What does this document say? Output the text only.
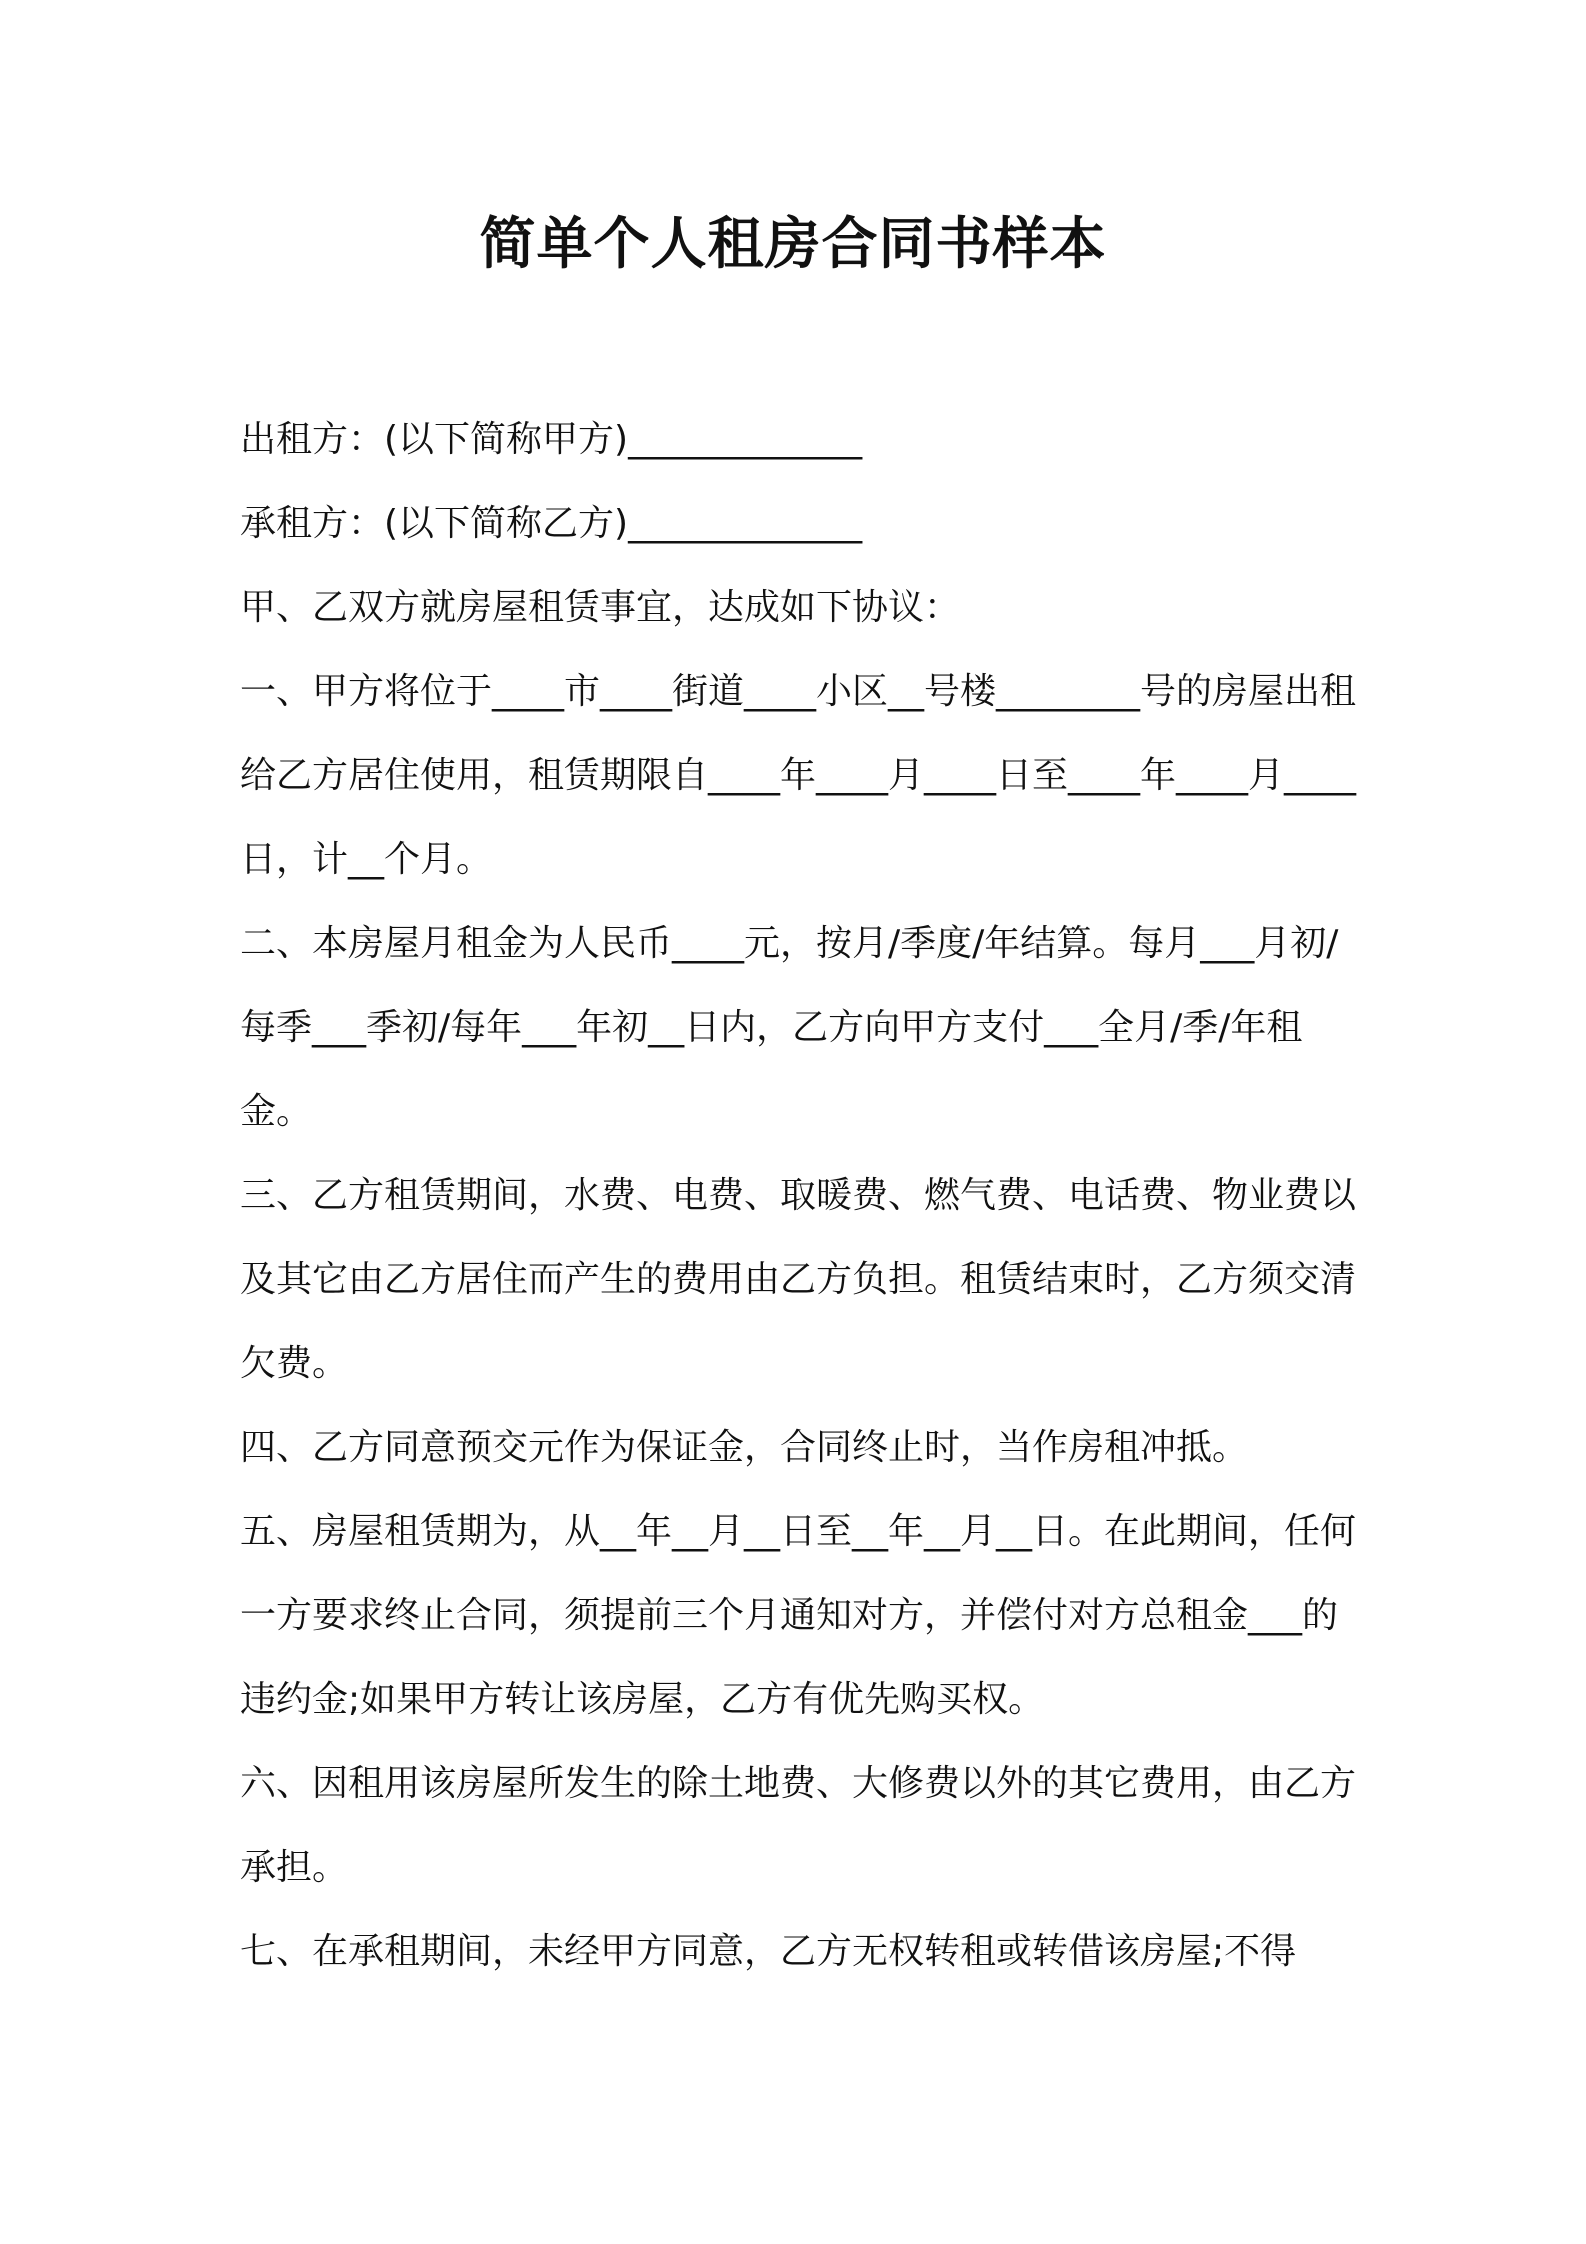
简单个人租房合同书样本

出租方：(以下简称甲方)_____________

承租方：(以下简称乙方)_____________

甲、乙双方就房屋租赁事宜，达成如下协议：

一、甲方将位于____市____街道____小区__号楼________号的房屋出租给乙方居住使用，租赁期限自____年____月____日至____年____月____日，计__个月。

二、本房屋月租金为人民币____元，按月/季度/年结算。每月___月初/每季___季初/每年___年初__日内，乙方向甲方支付___全月/季/年租金。

三、乙方租赁期间，水费、电费、取暖费、燃气费、电话费、物业费以及其它由乙方居住而产生的费用由乙方负担。租赁结束时，乙方须交清欠费。

四、乙方同意预交元作为保证金，合同终止时，当作房租冲抵。

五、房屋租赁期为，从__年__月__日至__年__月__日。在此期间，任何一方要求终止合同，须提前三个月通知对方，并偿付对方总租金___的违约金;如果甲方转让该房屋，乙方有优先购买权。

六、因租用该房屋所发生的除土地费、大修费以外的其它费用，由乙方承担。

七、在承租期间，未经甲方同意，乙方无权转租或转借该房屋;不得
